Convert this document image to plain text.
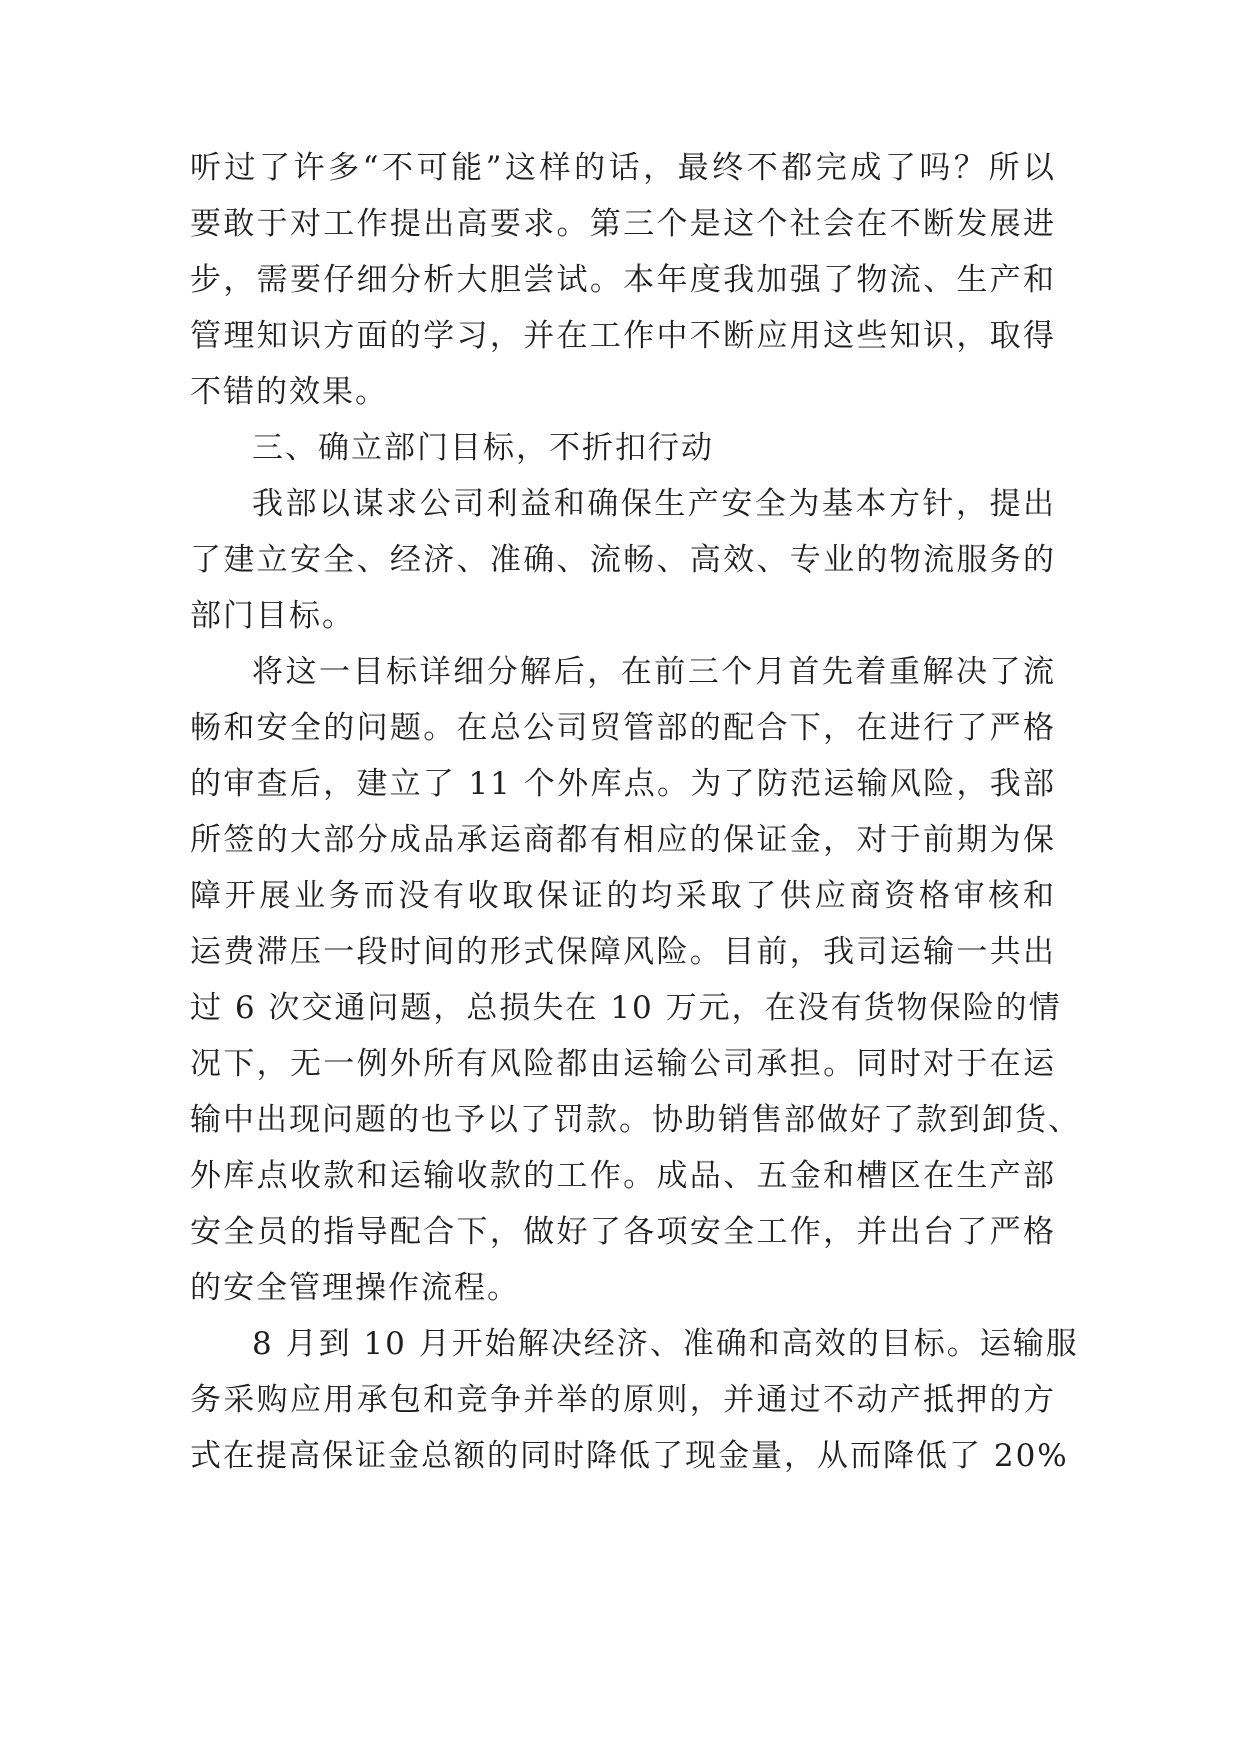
听过了许多“不可能”这样的话，最终不都完成了吗？所以
要敢于对工作提出高要求。第三个是这个社会在不断发展进
步，需要仔细分析大胆尝试。本年度我加强了物流、生产和
管理知识方面的学习，并在工作中不断应用这些知识，取得
不错的效果。
三、确立部门目标，不折扣行动
我部以谋求公司利益和确保生产安全为基本方针，提出
了建立安全、经济、准确、流畅、高效、专业的物流服务的
部门目标。
将这一目标详细分解后，在前三个月首先着重解决了流
畅和安全的问题。在总公司贸管部的配合下，在进行了严格
的审查后，建立了 11 个外库点。为了防范运输风险，我部
所签的大部分成品承运商都有相应的保证金，对于前期为保
障开展业务而没有收取保证的均采取了供应商资格审核和
运费滞压一段时间的形式保障风险。目前，我司运输一共出
过 6 次交通问题，总损失在 10 万元，在没有货物保险的情
况下，无一例外所有风险都由运输公司承担。同时对于在运
输中出现问题的也予以了罚款。协助销售部做好了款到卸货、
外库点收款和运输收款的工作。成品、五金和槽区在生产部
安全员的指导配合下，做好了各项安全工作，并出台了严格
的安全管理操作流程。
8 月到 10 月开始解决经济、准确和高效的目标。运输服
务采购应用承包和竞争并举的原则，并通过不动产抵押的方
式在提高保证金总额的同时降低了现金量，从而降低了 20%
